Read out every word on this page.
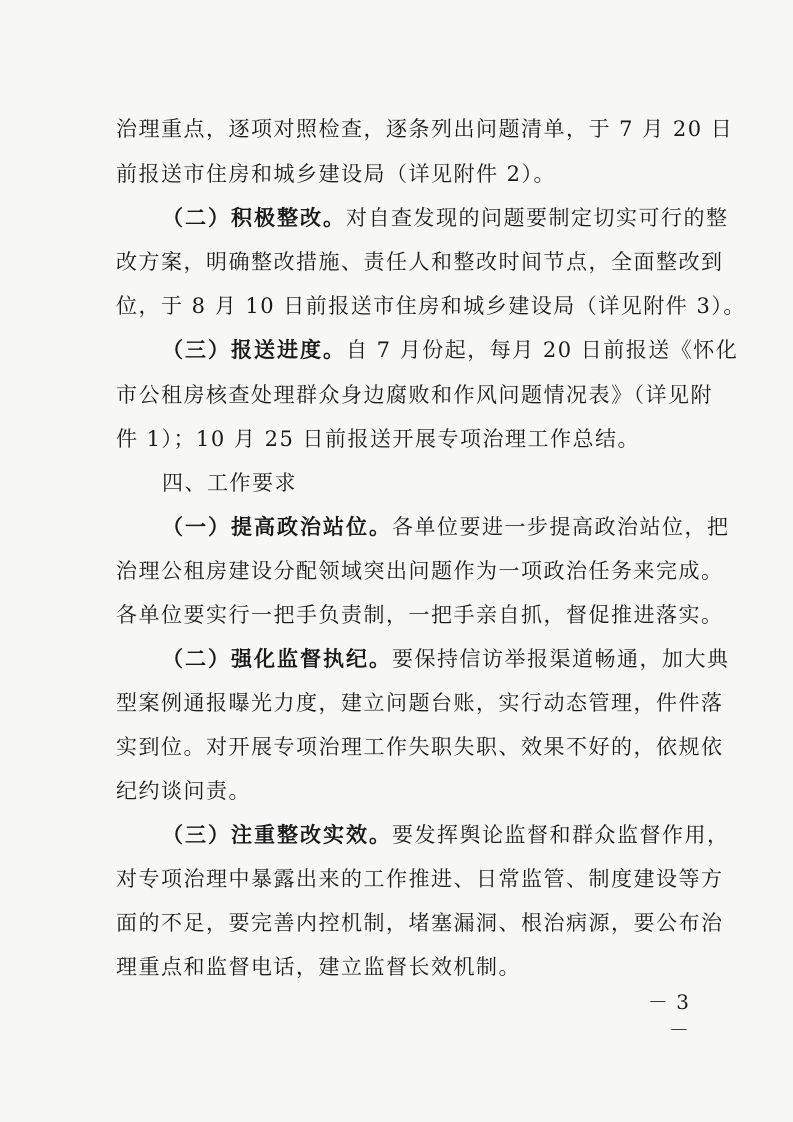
治理重点，逐项对照检查，逐条列出问题清单，于 7 月 20 日
前报送市住房和城乡建设局（详见附件 2）。
（二）积极整改。对自查发现的问题要制定切实可行的整
改方案，明确整改措施、责任人和整改时间节点，全面整改到
位，于 8 月 10 日前报送市住房和城乡建设局（详见附件 3）。
（三）报送进度。自 7 月份起，每月 20 日前报送《怀化
市公租房核查处理群众身边腐败和作风问题情况表》（详见附
件 1）；10 月 25 日前报送开展专项治理工作总结。
四、工作要求
（一）提高政治站位。各单位要进一步提高政治站位，把
治理公租房建设分配领域突出问题作为一项政治任务来完成。
各单位要实行一把手负责制，一把手亲自抓，督促推进落实。
（二）强化监督执纪。要保持信访举报渠道畅通，加大典
型案例通报曝光力度，建立问题台账，实行动态管理，件件落
实到位。对开展专项治理工作失职失职、效果不好的，依规依
纪约谈问责。
（三）注重整改实效。要发挥舆论监督和群众监督作用，
对专项治理中暴露出来的工作推进、日常监管、制度建设等方
面的不足，要完善内控机制，堵塞漏洞、根治病源，要公布治
理重点和监督电话，建立监督长效机制。
－ 3 －
